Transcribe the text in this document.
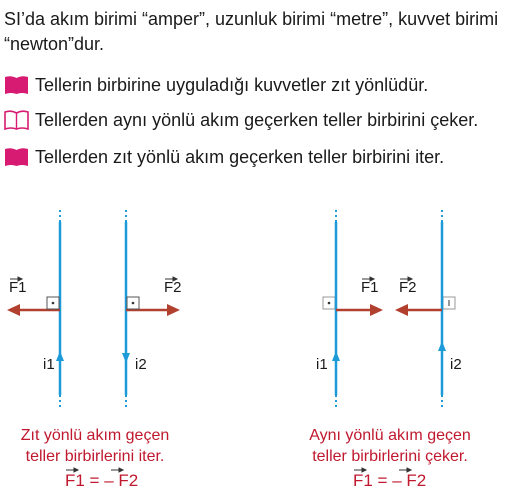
SI’da akım birimi “amper”, uzunluk birimi “metre”, kuvvet birimi “newton”dur.
Tellerin birbirine uyguladığı kuvvetler zıt yönlüdür.
Tellerden aynı yönlü akım geçerken teller birbirini çeker.
Tellerden zıt yönlü akım geçerken teller birbirini iter.
F1	F2
i1	i2
F1 F2
i1	i2
Zıt yönlü akım geçen
teller birbirlerini iter.
Aynı yönlü akım geçen
teller birbirlerini çeker.
F1 = – F2	F1 = – F2
